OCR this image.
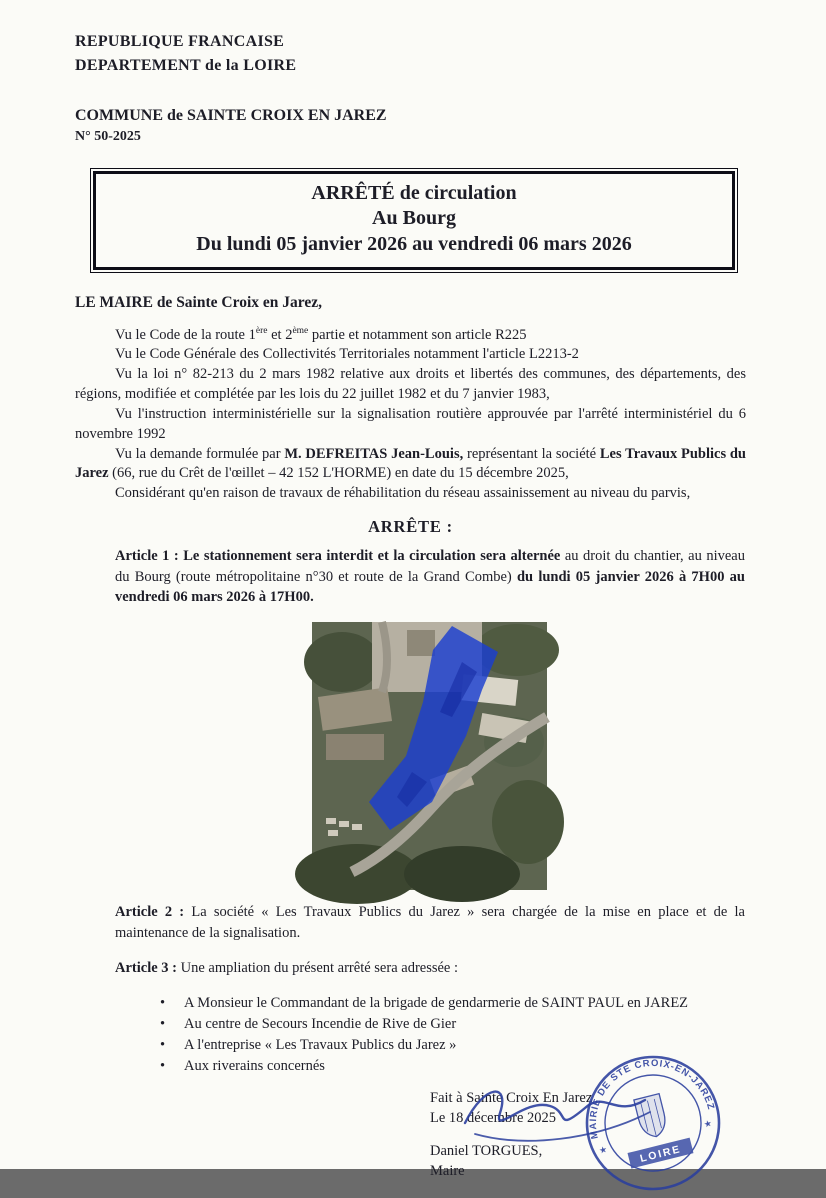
REPUBLIQUE FRANCAISE
DEPARTEMENT de la LOIRE
COMMUNE de SAINTE CROIX EN JAREZ
N° 50-2025
ARRÊTÉ de circulation
Au Bourg
Du lundi 05 janvier 2026 au vendredi 06 mars 2026
LE MAIRE de Sainte Croix en Jarez,
Vu le Code de la route 1ère et 2ème partie et notamment son article R225
Vu le Code Générale des Collectivités Territoriales notamment l'article L2213-2
Vu la loi n° 82-213 du 2 mars 1982 relative aux droits et libertés des communes, des départements, des régions, modifiée et complétée par les lois du 22 juillet 1982 et du 7 janvier 1983,
Vu l'instruction interministérielle sur la signalisation routière approuvée par l'arrêté interministériel du 6 novembre 1992
Vu la demande formulée par M. DEFREITAS Jean-Louis, représentant la société Les Travaux Publics du Jarez (66, rue du Crêt de l'œillet – 42 152 L'HORME) en date du 15 décembre 2025,
Considérant qu'en raison de travaux de réhabilitation du réseau assainissement au niveau du parvis,
ARRÊTE :

Article 1 : Le stationnement sera interdit et la circulation sera alternée au droit du chantier, au niveau du Bourg (route métropolitaine n°30 et route de la Grand Combe) du lundi 05 janvier 2026 à 7H00 au vendredi 06 mars 2026 à 17H00.

Article 2 : La société « Les Travaux Publics du Jarez » sera chargée de la mise en place et de la maintenance de la signalisation.

Article 3 : Une ampliation du présent arrêté sera adressée :

• A Monsieur le Commandant de la brigade de gendarmerie de SAINT PAUL en JAREZ
• Au centre de Secours Incendie de Rive de Gier
• A l'entreprise « Les Travaux Publics du Jarez »
• Aux riverains concernés
Fait à Sainte Croix En Jarez
Le 18 décembre 2025
Daniel TORGUES,
Maire
MAIRIE DE STE CROIX-EN-JAREZ
★
★
LOIRE
